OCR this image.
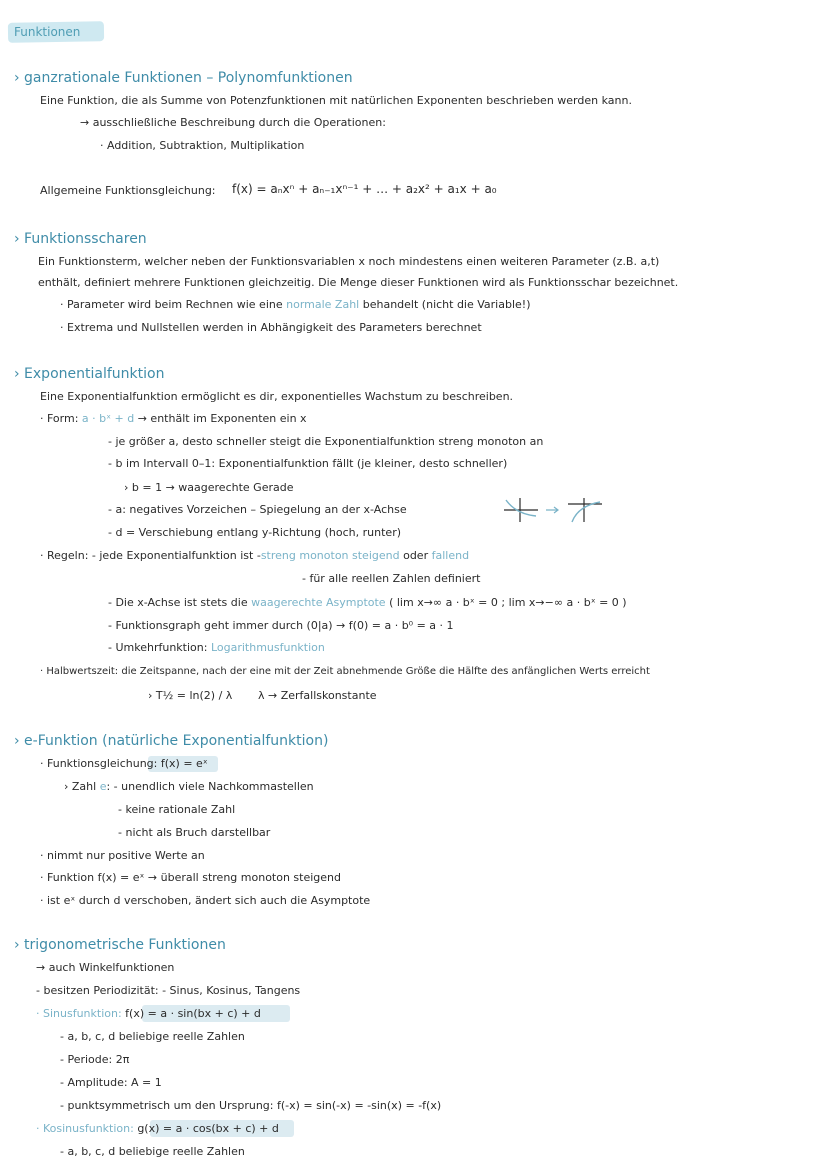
Funktionen
› ganzrationale Funktionen – Polynomfunktionen
Eine Funktion, die als Summe von Potenzfunktionen mit natürlichen Exponenten beschrieben werden kann.
→ ausschließliche Beschreibung durch die Operationen:
· Addition, Subtraktion, Multiplikation
Allgemeine Funktionsgleichung: f(x) = aₙxⁿ + aₙ₋₁xⁿ⁻¹ + … + a₂x² + a₁x + a₀
› Funktionsscharen
Ein Funktionsterm, welcher neben der Funktionsvariablen x noch mindestens einen weiteren Parameter (z.B. a,t)
enthält, definiert mehrere Funktionen gleichzeitig. Die Menge dieser Funktionen wird als Funktionsschar bezeichnet.
· Parameter wird beim Rechnen wie eine normale Zahl behandelt (nicht die Variable!)
· Extrema und Nullstellen werden in Abhängigkeit des Parameters berechnet
› Exponentialfunktion
Eine Exponentialfunktion ermöglicht es dir, exponentielles Wachstum zu beschreiben.
· Form: a · bˣ + d → enthält im Exponenten ein x
- je größer a, desto schneller steigt die Exponentialfunktion streng monoton an
- b im Intervall 0–1: Exponentialfunktion fällt (je kleiner, desto schneller)
› b = 1 → waagerechte Gerade
- a: negatives Vorzeichen – Spiegelung an der x-Achse
- d = Verschiebung entlang y-Richtung (hoch, runter)
· Regeln: - jede Exponentialfunktion ist -streng monoton steigend oder fallend
- für alle reellen Zahlen definiert
- Die x-Achse ist stets die waagerechte Asymptote ( lim x→∞ a · bˣ = 0 ; lim x→−∞ a · bˣ = 0 )
- Funktionsgraph geht immer durch (0|a) → f(0) = a · b⁰ = a · 1
- Umkehrfunktion: Logarithmusfunktion
· Halbwertszeit: die Zeitspanne, nach der eine mit der Zeit abnehmende Größe die Hälfte des anfänglichen Werts erreicht
› T½ = ln(2) / λ λ → Zerfallskonstante
› e-Funktion (natürliche Exponentialfunktion)
· Funktionsgleichung: f(x) = eˣ
› Zahl e: - unendlich viele Nachkommastellen
- keine rationale Zahl
- nicht als Bruch darstellbar
· nimmt nur positive Werte an
· Funktion f(x) = eˣ → überall streng monoton steigend
· ist eˣ durch d verschoben, ändert sich auch die Asymptote
› trigonometrische Funktionen
→ auch Winkelfunktionen
- besitzen Periodizität: - Sinus, Kosinus, Tangens
· Sinusfunktion: f(x) = a · sin(bx + c) + d
- a, b, c, d beliebige reelle Zahlen
- Periode: 2π
- Amplitude: A = 1
- punktsymmetrisch um den Ursprung: f(-x) = sin(-x) = -sin(x) = -f(x)
· Kosinusfunktion: g(x) = a · cos(bx + c) + d
- a, b, c, d beliebige reelle Zahlen
